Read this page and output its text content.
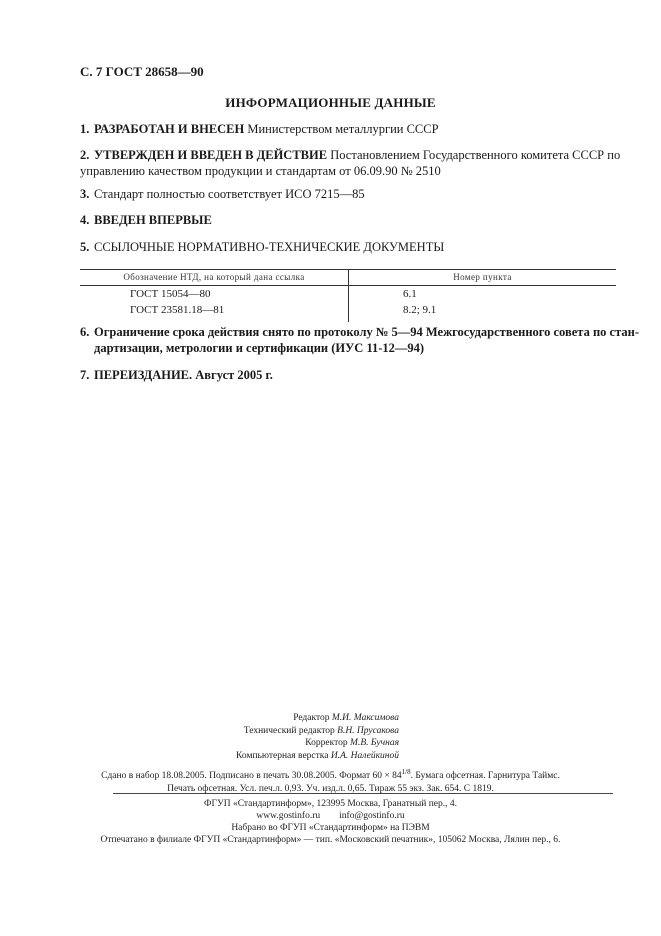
С. 7 ГОСТ 28658—90
ИНФОРМАЦИОННЫЕ ДАННЫЕ
1. РАЗРАБОТАН И ВНЕСЕН Министерством металлургии СССР
2. УТВЕРЖДЕН И ВВЕДЕН В ДЕЙСТВИЕ Постановлением Государственного комитета СССР по
управлению качеством продукции и стандартам от 06.09.90 № 2510
3. Стандарт полностью соответствует ИСО 7215—85
4. ВВЕДЕН ВПЕРВЫЕ
5. ССЫЛОЧНЫЕ НОРМАТИВНО-ТЕХНИЧЕСКИЕ ДОКУМЕНТЫ
Обозначение НТД, на который дана ссылка	Номер пункта
ГОСТ 15054—80	6.1
ГОСТ 23581.18—81	8.2; 9.1
6. Ограничение срока действия снято по протоколу № 5—94 Межгосударственного совета по стан-
дартизации, метрологии и сертификации (ИУС 11-12—94)
7. ПЕРЕИЗДАНИЕ. Август 2005 г.
Редактор М.И. Максимова
Технический редактор В.Н. Прусакова
Корректор М.В. Бучная
Компьютерная верстка И.А. Налейкиной
Сдано в набор 18.08.2005. Подписано в печать 30.08.2005. Формат $60 \times 84^{1/8}$. Бумага офсетная. Гарнитура Таймс.
Печать офсетная. Усл. печ.л. 0,93. Уч. изд.л. 0,65. Тираж 55 экз. Зак. 654. С 1819.
ФГУП «Стандартинформ», 123995 Москва, Гранатный пер., 4.
www.gostinfo.ru info@gostinfo.ru
Набрано во ФГУП «Стандартинформ» на ПЭВМ
Отпечатано в филиале ФГУП «Стандартинформ» — тип. «Московский печатник», 105062 Москва, Лялин пер., 6.
